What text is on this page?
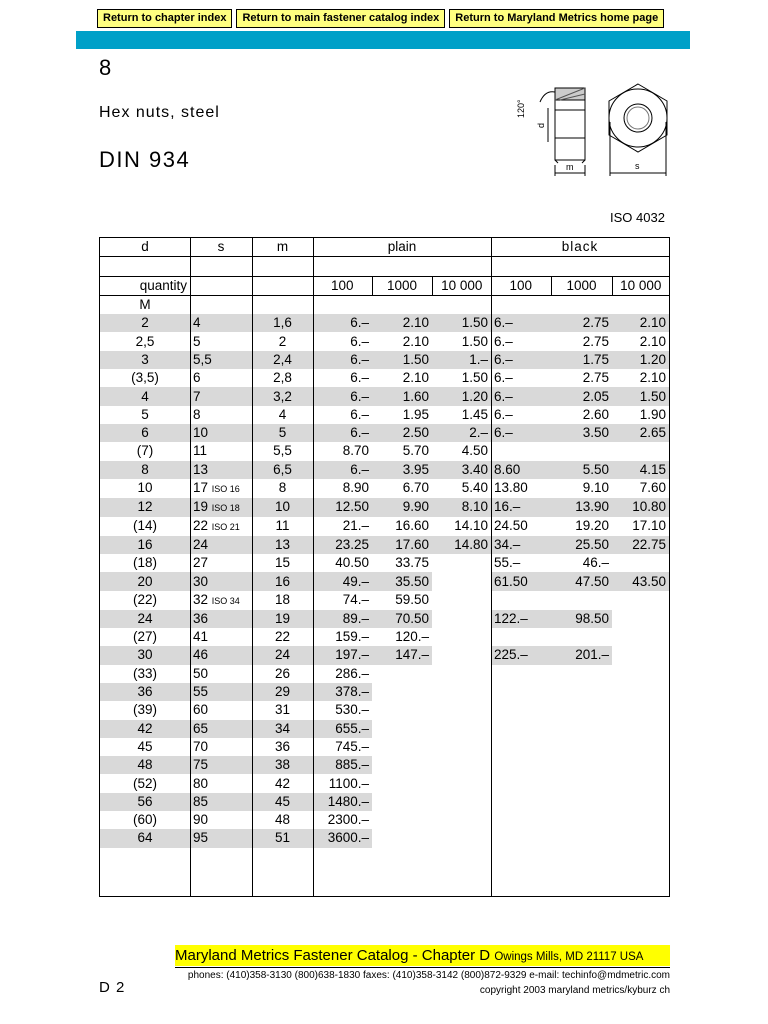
Return to chapter index	Return to main fastener catalog index	Return to Maryland Metrics home page
8
Hex nuts, steel
DIN 934
ISO 4032
120°
d
m	s
d	s	m	plain			black		

quantity			100	1000	10 000	100	1000	10 000
M								
2	4	1,6	6.–	2.10	1.50	6.–	2.75	2.10
2,5	5	2	6.–	2.10	1.50	6.–	2.75	2.10
3	5,5	2,4	6.–	1.50	1.–	6.–	1.75	1.20
(3,5)	6	2,8	6.–	2.10	1.50	6.–	2.75	2.10
4	7	3,2	6.–	1.60	1.20	6.–	2.05	1.50
5	8	4	6.–	1.95	1.45	6.–	2.60	1.90
6	10	5	6.–	2.50	2.–	6.–	3.50	2.65
(7)	11	5,5	8.70	5.70	4.50			
8	13	6,5	6.–	3.95	3.40	8.60	5.50	4.15
10	17 ISO 16	8	8.90	6.70	5.40	13.80	9.10	7.60
12	19 ISO 18	10	12.50	9.90	8.10	16.–	13.90	10.80
(14)	22 ISO 21	11	21.–	16.60	14.10	24.50	19.20	17.10
16	24	13	23.25	17.60	14.80	34.–	25.50	22.75
(18)	27	15	40.50	33.75		55.–	46.–	
20	30	16	49.–	35.50		61.50	47.50	43.50
(22)	32 ISO 34	18	74.–	59.50				
24	36	19	89.–	70.50		122.–	98.50	
(27)	41	22	159.–	120.–				
30	46	24	197.–	147.–		225.–	201.–	
(33)	50	26	286.–					
36	55	29	378.–					
(39)	60	31	530.–					
42	65	34	655.–					
45	70	36	745.–					
48	75	38	885.–					
(52)	80	42	1100.–					
56	85	45	1480.–					
(60)	90	48	2300.–					
64	95	51	3600.–					
Maryland Metrics Fastener Catalog - Chapter D Owings Mills, MD 21117 USA
phones: (410)358-3130 (800)638-1830 faxes: (410)358-3142 (800)872-9329 e-mail: techinfo@mdmetric.com
copyright 2003 maryland metrics/kyburz ch
D 2
